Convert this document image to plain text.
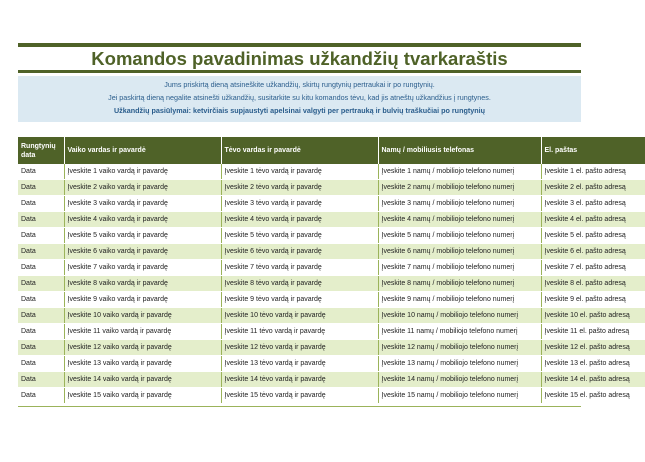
Komandos pavadinimas užkandžių tvarkaraštis
Jums priskirtą dieną atsineškite užkandžių, skirtų rungtynių pertraukai ir po rungtynių.
Jei paskirtą dieną negalite atsinešti užkandžių, susitarkite su kitu komandos tėvu, kad jis atneštų užkandžius į rungtynes.
Užkandžių pasiūlymai: ketvirčiais supjaustyti apelsinai valgyti per pertrauką ir bulvių traškučiai po rungtynių
Rungtynių data	Vaiko vardas ir pavardė	Tėvo vardas ir pavardė	Namų / mobiliusis telefonas	El. paštas
Data	Įveskite 1 vaiko vardą ir pavardę	Įveskite 1 tėvo vardą ir pavardę	Įveskite 1 namų / mobiliojo telefono numerį	Įveskite 1 el. pašto adresą
Data	Įveskite 2 vaiko vardą ir pavardę	Įveskite 2 tėvo vardą ir pavardę	Įveskite 2 namų / mobiliojo telefono numerį	Įveskite 2 el. pašto adresą
Data	Įveskite 3 vaiko vardą ir pavardę	Įveskite 3 tėvo vardą ir pavardę	Įveskite 3 namų / mobiliojo telefono numerį	Įveskite 3 el. pašto adresą
Data	Įveskite 4 vaiko vardą ir pavardę	Įveskite 4 tėvo vardą ir pavardę	Įveskite 4 namų / mobiliojo telefono numerį	Įveskite 4 el. pašto adresą
Data	Įveskite 5 vaiko vardą ir pavardę	Įveskite 5 tėvo vardą ir pavardę	Įveskite 5 namų / mobiliojo telefono numerį	Įveskite 5 el. pašto adresą
Data	Įveskite 6 vaiko vardą ir pavardę	Įveskite 6 tėvo vardą ir pavardę	Įveskite 6 namų / mobiliojo telefono numerį	Įveskite 6 el. pašto adresą
Data	Įveskite 7 vaiko vardą ir pavardę	Įveskite 7 tėvo vardą ir pavardę	Įveskite 7 namų / mobiliojo telefono numerį	Įveskite 7 el. pašto adresą
Data	Įveskite 8 vaiko vardą ir pavardę	Įveskite 8 tėvo vardą ir pavardę	Įveskite 8 namų / mobiliojo telefono numerį	Įveskite 8 el. pašto adresą
Data	Įveskite 9 vaiko vardą ir pavardę	Įveskite 9 tėvo vardą ir pavardę	Įveskite 9 namų / mobiliojo telefono numerį	Įveskite 9 el. pašto adresą
Data	Įveskite 10 vaiko vardą ir pavardę	Įveskite 10 tėvo vardą ir pavardę	Įveskite 10 namų / mobiliojo telefono numerį	Įveskite 10 el. pašto adresą
Data	Įveskite 11 vaiko vardą ir pavardę	Įveskite 11 tėvo vardą ir pavardę	Įveskite 11 namų / mobiliojo telefono numerį	Įveskite 11 el. pašto adresą
Data	Įveskite 12 vaiko vardą ir pavardę	Įveskite 12 tėvo vardą ir pavardę	Įveskite 12 namų / mobiliojo telefono numerį	Įveskite 12 el. pašto adresą
Data	Įveskite 13 vaiko vardą ir pavardę	Įveskite 13 tėvo vardą ir pavardę	Įveskite 13 namų / mobiliojo telefono numerį	Įveskite 13 el. pašto adresą
Data	Įveskite 14 vaiko vardą ir pavardę	Įveskite 14 tėvo vardą ir pavardę	Įveskite 14 namų / mobiliojo telefono numerį	Įveskite 14 el. pašto adresą
Data	Įveskite 15 vaiko vardą ir pavardę	Įveskite 15 tėvo vardą ir pavardę	Įveskite 15 namų / mobiliojo telefono numerį	Įveskite 15 el. pašto adresą
